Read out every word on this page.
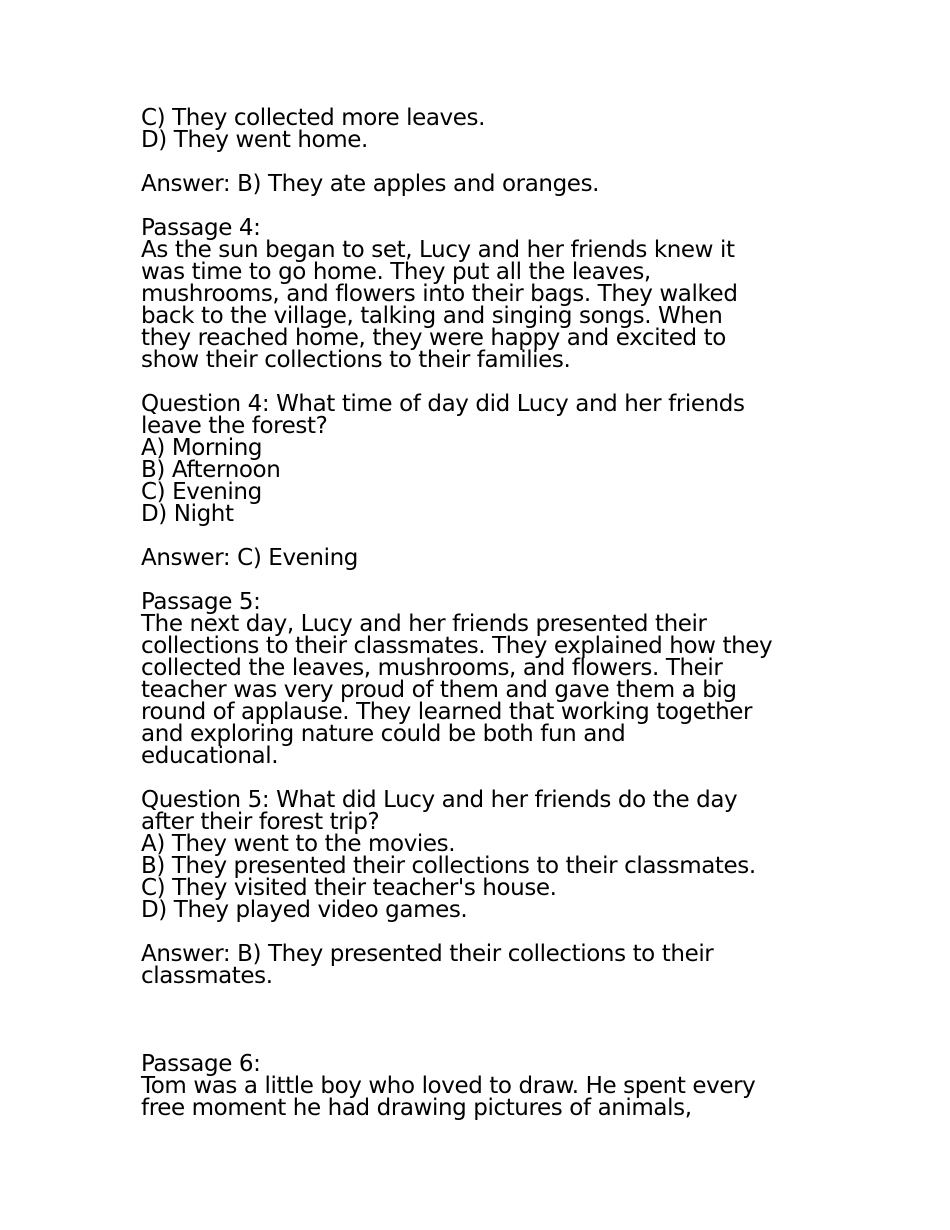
C) They collected more leaves.
D) They went home.
Answer: B) They ate apples and oranges.
Passage 4:
As the sun began to set, Lucy and her friends knew it
was time to go home. They put all the leaves,
mushrooms, and flowers into their bags. They walked
back to the village, talking and singing songs. When
they reached home, they were happy and excited to
show their collections to their families.
Question 4: What time of day did Lucy and her friends
leave the forest?
A) Morning
B) Afternoon
C) Evening
D) Night
Answer: C) Evening
Passage 5:
The next day, Lucy and her friends presented their
collections to their classmates. They explained how they
collected the leaves, mushrooms, and flowers. Their
teacher was very proud of them and gave them a big
round of applause. They learned that working together
and exploring nature could be both fun and
educational.
Question 5: What did Lucy and her friends do the day
after their forest trip?
A) They went to the movies.
B) They presented their collections to their classmates.
C) They visited their teacher's house.
D) They played video games.
Answer: B) They presented their collections to their
classmates.
Passage 6:
Tom was a little boy who loved to draw. He spent every
free moment he had drawing pictures of animals,
